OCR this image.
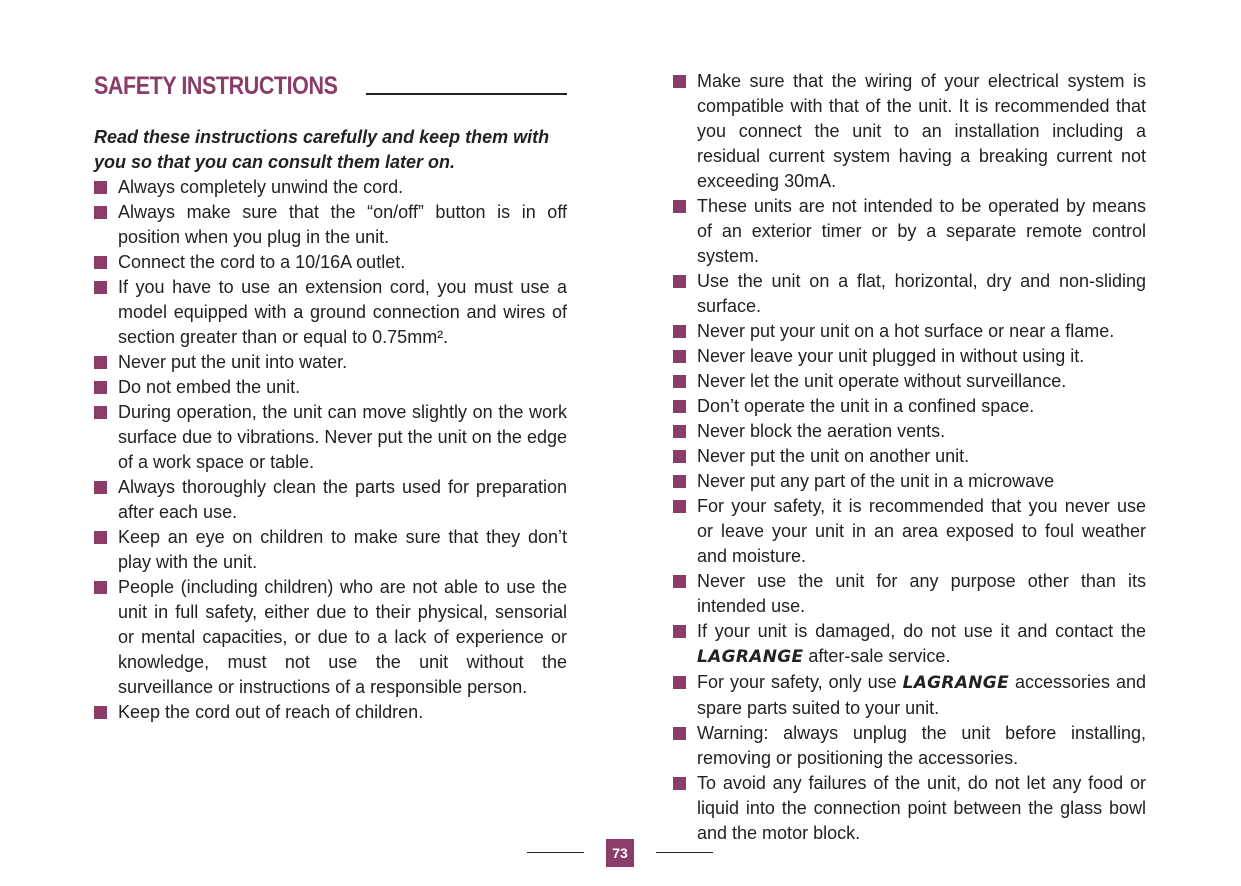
SAFETY INSTRUCTIONS

Read these instructions carefully and keep them with you so that you can consult them later on.

Always completely unwind the cord.
Always make sure that the “on/off” button is in off position when you plug in the unit.
Connect the cord to a 10/16A outlet.
If you have to use an extension cord, you must use a model equipped with a ground connection and wires of section greater than or equal to 0.75mm².
Never put the unit into water.
Do not embed the unit.
During operation, the unit can move slightly on the work surface due to vibrations. Never put the unit on the edge of a work space or table.
Always thoroughly clean the parts used for preparation after each use.
Keep an eye on children to make sure that they don’t play with the unit.
People (including children) who are not able to use the unit in full safety, either due to their physical, sensorial or mental capacities, or due to a lack of experience or knowledge, must not use the unit without the surveillance or instructions of a responsible person.
Keep the cord out of reach of children.
Make sure that the wiring of your electrical system is compatible with that of the unit. It is recommended that you connect the unit to an installation including a residual current system having a breaking current not exceeding 30mA.
These units are not intended to be operated by means of an exterior timer or by a separate remote control system.
Use the unit on a flat, horizontal, dry and non-sliding surface.
Never put your unit on a hot surface or near a flame.
Never leave your unit plugged in without using it.
Never let the unit operate without surveillance.
Don’t operate the unit in a confined space.
Never block the aeration vents.
Never put the unit on another unit.
Never put any part of the unit in a microwave
For your safety, it is recommended that you never use or leave your unit in an area exposed to foul weather and moisture.
Never use the unit for any purpose other than its intended use.
If your unit is damaged, do not use it and contact the LAGRANGE after-sale service.
For your safety, only use LAGRANGE accessories and spare parts suited to your unit.
Warning: always unplug the unit before installing, removing or positioning the accessories.
To avoid any failures of the unit, do not let any food or liquid into the connection point between the glass bowl and the motor block.
73
